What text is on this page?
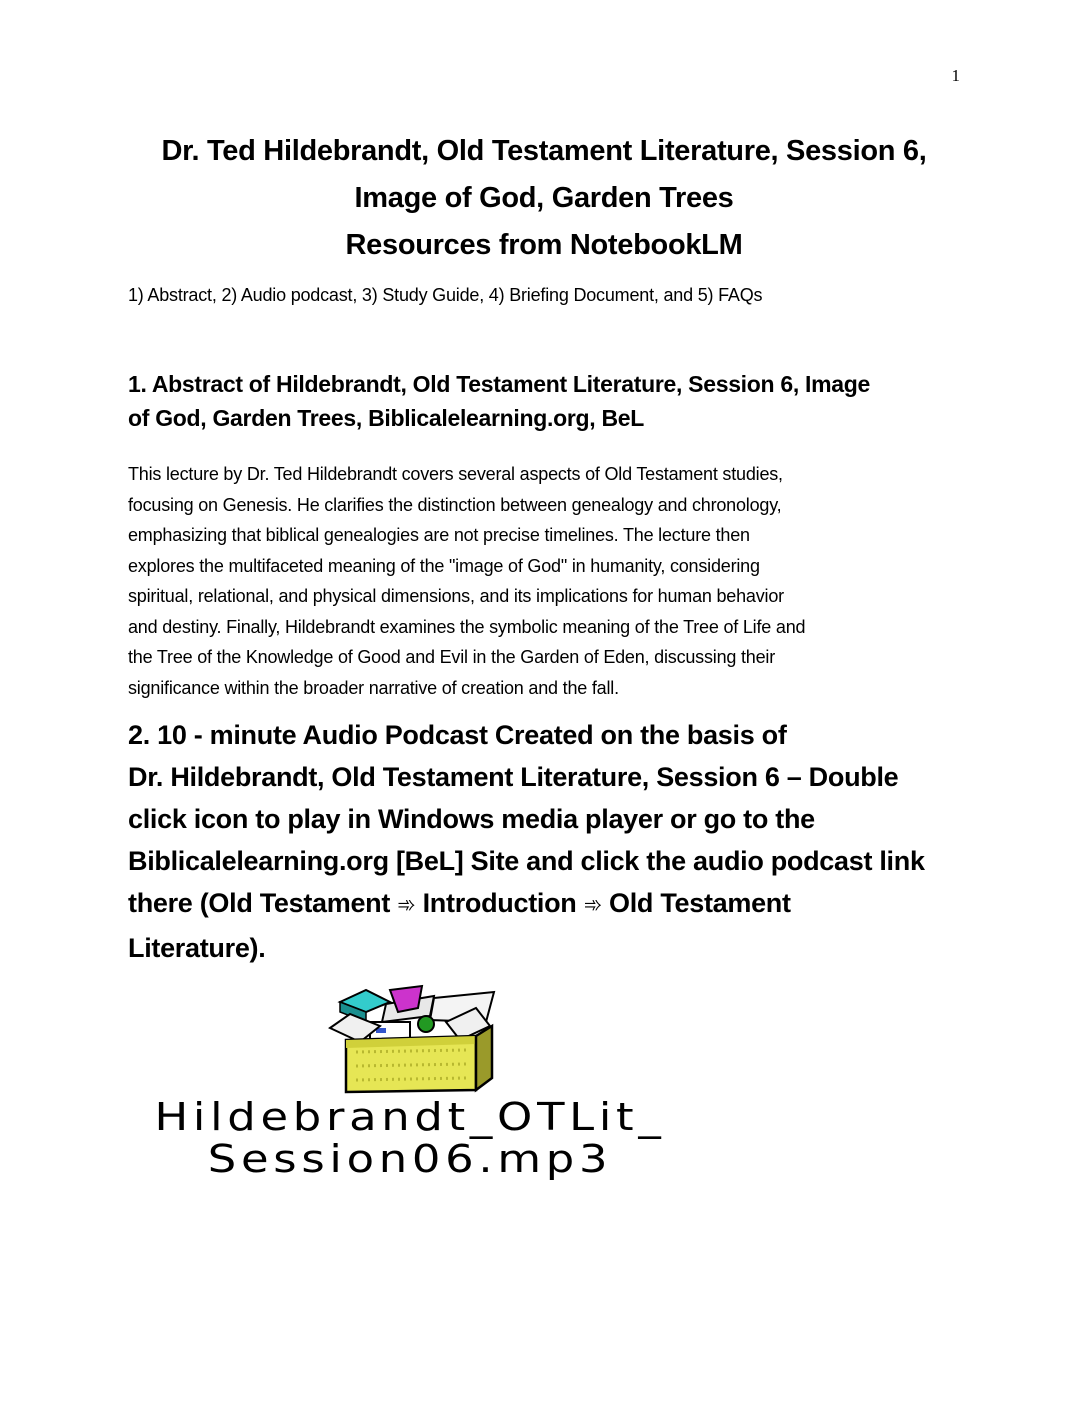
1
Dr. Ted Hildebrandt, Old Testament Literature, Session 6,
Image of God, Garden Trees
Resources from NotebookLM
1) Abstract, 2) Audio podcast, 3) Study Guide, 4) Briefing Document, and 5) FAQs
1. Abstract of Hildebrandt, Old Testament Literature, Session 6, Image
of God, Garden Trees, Biblicalelearning.org, BeL
This lecture by Dr. Ted Hildebrandt covers several aspects of Old Testament studies,
focusing on Genesis. He clarifies the distinction between genealogy and chronology,
emphasizing that biblical genealogies are not precise timelines. The lecture then
explores the multifaceted meaning of the "image of God" in humanity, considering
spiritual, relational, and physical dimensions, and its implications for human behavior
and destiny. Finally, Hildebrandt examines the symbolic meaning of the Tree of Life and
the Tree of the Knowledge of Good and Evil in the Garden of Eden, discussing their
significance within the broader narrative of creation and the fall.
2. 10 - minute Audio Podcast Created on the basis of
Dr. Hildebrandt, Old Testament Literature, Session 6 – Double
click icon to play in Windows media player or go to the
Biblicalelearning.org [BeL] Site and click the audio podcast link
there (Old Testament ➾ Introduction ➾ Old Testament
Literature).
Hildebrandt_OTLit_
Session06.mp3
